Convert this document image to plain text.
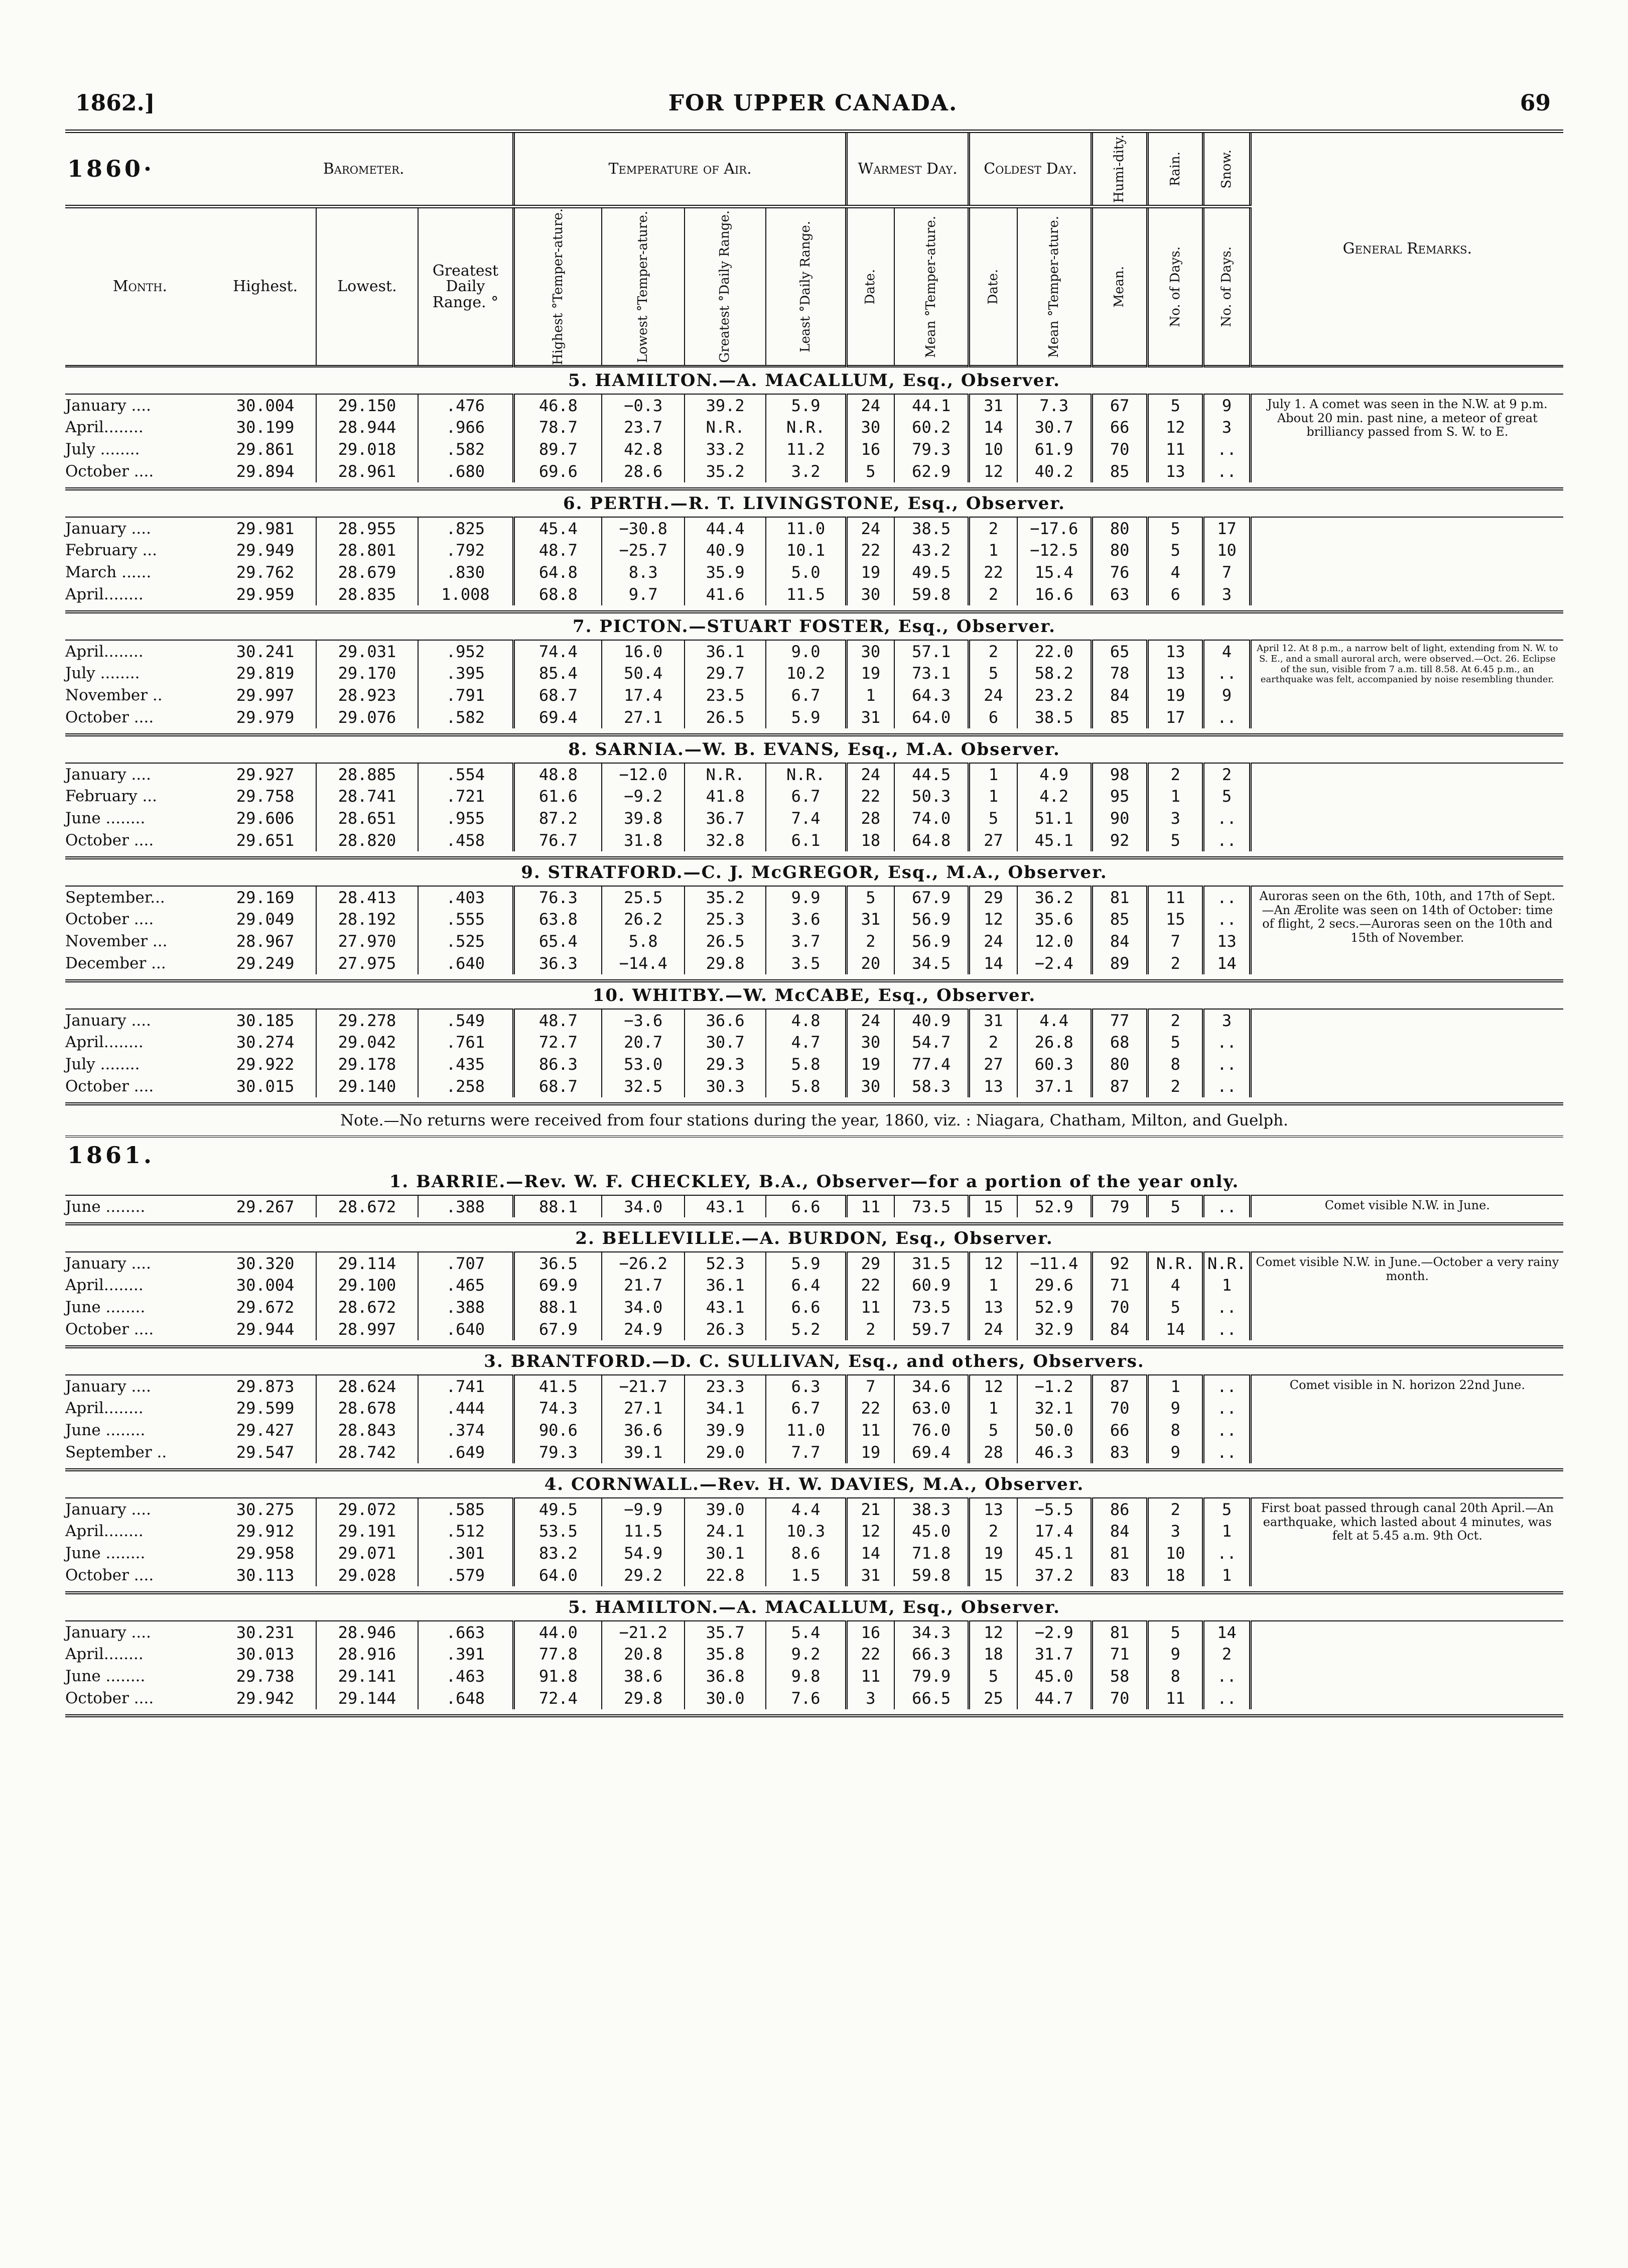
1862.]	FOR UPPER CANADA.	69
1860·	Barometer.			Temperature of Air.				Warmest Day.		Coldest Day.		Humi-dity.	Rain.	Snow.	General Remarks.
Month.	Highest.	Lowest.	Greatest Daily Range. °	Highest °Temper-ature.	Lowest °Temper-ature.	Greatest °Daily Range.	Least °Daily Range.	Date.	Mean °Temper-ature.	Date.	Mean °Temper-ature.	Mean.	No. of Days.	No. of Days.	

5. HAMILTON.—A. MACALLUM, Esq., Observer.															
January ....	30.004	29.150	.476	46.8	−0.3	39.2	5.9	24	44.1	31	7.3	67	5	9	July 1. A comet was seen in the N.W. at 9 p.m. About 20 min. past nine, a meteor of great brilliancy passed from S. W. to E.
April........	30.199	28.944	.966	78.7	23.7	N.R.	N.R.	30	60.2	14	30.7	66	12	3	
July ........	29.861	29.018	.582	89.7	42.8	33.2	11.2	16	79.3	10	61.9	70	11	..	
October ....	29.894	28.961	.680	69.6	28.6	35.2	3.2	5	62.9	12	40.2	85	13	..	

6. PERTH.—R. T. LIVINGSTONE, Esq., Observer.															
January ....	29.981	28.955	.825	45.4	−30.8	44.4	11.0	24	38.5	2	−17.6	80	5	17	
February ...	29.949	28.801	.792	48.7	−25.7	40.9	10.1	22	43.2	1	−12.5	80	5	10	
March ......	29.762	28.679	.830	64.8	8.3	35.9	5.0	19	49.5	22	15.4	76	4	7	
April........	29.959	28.835	1.008	68.8	9.7	41.6	11.5	30	59.8	2	16.6	63	6	3	

7. PICTON.—STUART FOSTER, Esq., Observer.															
April........	30.241	29.031	.952	74.4	16.0	36.1	9.0	30	57.1	2	22.0	65	13	4	April 12. At 8 p.m., a narrow belt of light, extending from N. W. to S. E., and a small auroral arch, were observed.—Oct. 26. Eclipse of the sun, visible from 7 a.m. till 8.58. At 6.45 p.m., an earthquake was felt, accompanied by noise resembling thunder.
July ........	29.819	29.170	.395	85.4	50.4	29.7	10.2	19	73.1	5	58.2	78	13	..	
November ..	29.997	28.923	.791	68.7	17.4	23.5	6.7	1	64.3	24	23.2	84	19	9	
October ....	29.979	29.076	.582	69.4	27.1	26.5	5.9	31	64.0	6	38.5	85	17	..	

8. SARNIA.—W. B. EVANS, Esq., M.A. Observer.															
January ....	29.927	28.885	.554	48.8	−12.0	N.R.	N.R.	24	44.5	1	4.9	98	2	2	
February ...	29.758	28.741	.721	61.6	−9.2	41.8	6.7	22	50.3	1	4.2	95	1	5	
June ........	29.606	28.651	.955	87.2	39.8	36.7	7.4	28	74.0	5	51.1	90	3	..	
October ....	29.651	28.820	.458	76.7	31.8	32.8	6.1	18	64.8	27	45.1	92	5	..	

9. STRATFORD.—C. J. McGREGOR, Esq., M.A., Observer.															
September...	29.169	28.413	.403	76.3	25.5	35.2	9.9	5	67.9	29	36.2	81	11	..	Auroras seen on the 6th, 10th, and 17th of Sept.—An Ærolite was seen on 14th of October: time of flight, 2 secs.—Auroras seen on the 10th and 15th of November.
October ....	29.049	28.192	.555	63.8	26.2	25.3	3.6	31	56.9	12	35.6	85	15	..	
November ...	28.967	27.970	.525	65.4	5.8	26.5	3.7	2	56.9	24	12.0	84	7	13	
December ...	29.249	27.975	.640	36.3	−14.4	29.8	3.5	20	34.5	14	−2.4	89	2	14	

10. WHITBY.—W. McCABE, Esq., Observer.															
January ....	30.185	29.278	.549	48.7	−3.6	36.6	4.8	24	40.9	31	4.4	77	2	3	
April........	30.274	29.042	.761	72.7	20.7	30.7	4.7	30	54.7	2	26.8	68	5	..	
July ........	29.922	29.178	.435	86.3	53.0	29.3	5.8	19	77.4	27	60.3	80	8	..	
October ....	30.015	29.140	.258	68.7	32.5	30.3	5.8	30	58.3	13	37.1	87	2	..	

Note.—No returns were received from four stations during the year, 1860, viz. : Niagara, Chatham, Milton, and Guelph.															
1861.															
1. BARRIE.—Rev. W. F. CHECKLEY, B.A., Observer—for a portion of the year only.															
June ........	29.267	28.672	.388	88.1	34.0	43.1	6.6	11	73.5	15	52.9	79	5	..	Comet visible N.W. in June.

2. BELLEVILLE.—A. BURDON, Esq., Observer.															
January ....	30.320	29.114	.707	36.5	−26.2	52.3	5.9	29	31.5	12	−11.4	92	N.R.	N.R.	Comet visible N.W. in June.—October a very rainy month.
April........	30.004	29.100	.465	69.9	21.7	36.1	6.4	22	60.9	1	29.6	71	4	1	
June ........	29.672	28.672	.388	88.1	34.0	43.1	6.6	11	73.5	13	52.9	70	5	..	
October ....	29.944	28.997	.640	67.9	24.9	26.3	5.2	2	59.7	24	32.9	84	14	..	

3. BRANTFORD.—D. C. SULLIVAN, Esq., and others, Observers.															
January ....	29.873	28.624	.741	41.5	−21.7	23.3	6.3	7	34.6	12	−1.2	87	1	..	Comet visible in N. horizon 22nd June.
April........	29.599	28.678	.444	74.3	27.1	34.1	6.7	22	63.0	1	32.1	70	9	..	
June ........	29.427	28.843	.374	90.6	36.6	39.9	11.0	11	76.0	5	50.0	66	8	..	
September ..	29.547	28.742	.649	79.3	39.1	29.0	7.7	19	69.4	28	46.3	83	9	..	

4. CORNWALL.—Rev. H. W. DAVIES, M.A., Observer.															
January ....	30.275	29.072	.585	49.5	−9.9	39.0	4.4	21	38.3	13	−5.5	86	2	5	First boat passed through canal 20th April.—An earthquake, which lasted about 4 minutes, was felt at 5.45 a.m. 9th Oct.
April........	29.912	29.191	.512	53.5	11.5	24.1	10.3	12	45.0	2	17.4	84	3	1	
June ........	29.958	29.071	.301	83.2	54.9	30.1	8.6	14	71.8	19	45.1	81	10	..	
October ....	30.113	29.028	.579	64.0	29.2	22.8	1.5	31	59.8	15	37.2	83	18	1	

5. HAMILTON.—A. MACALLUM, Esq., Observer.															
January ....	30.231	28.946	.663	44.0	−21.2	35.7	5.4	16	34.3	12	−2.9	81	5	14	
April........	30.013	28.916	.391	77.8	20.8	35.8	9.2	22	66.3	18	31.7	71	9	2	
June ........	29.738	29.141	.463	91.8	38.6	36.8	9.8	11	79.9	5	45.0	58	8	..	
October ....	29.942	29.144	.648	72.4	29.8	30.0	7.6	3	66.5	25	44.7	70	11	..	
